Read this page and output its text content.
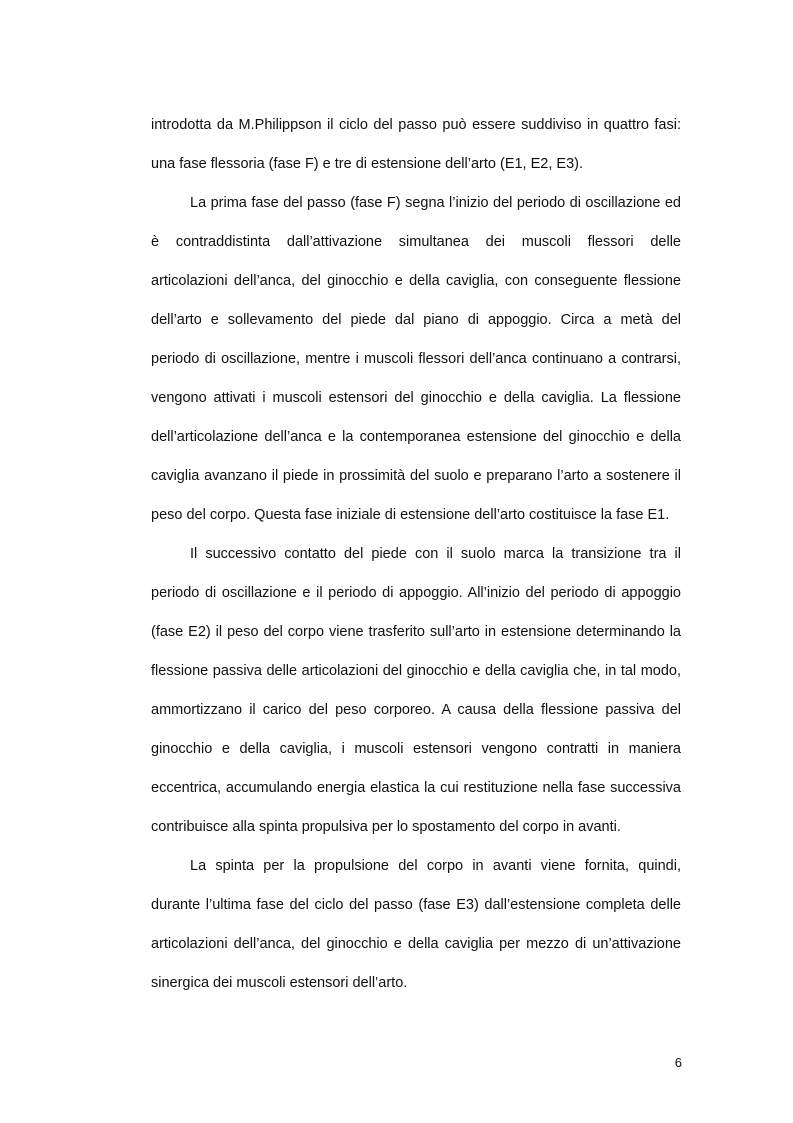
introdotta da M.Philippson il ciclo del passo può essere suddiviso in quattro fasi:
una fase flessoria (fase F) e tre di estensione dell’arto (E1, E2, E3).
La prima fase del passo (fase F) segna l’inizio del periodo di oscillazione ed
è contraddistinta dall’attivazione simultanea dei muscoli flessori delle
articolazioni dell’anca, del ginocchio e della caviglia, con conseguente flessione
dell’arto e sollevamento del piede dal piano di appoggio. Circa a metà del
periodo di oscillazione, mentre i muscoli flessori dell’anca continuano a contrarsi,
vengono attivati i muscoli estensori del ginocchio e della caviglia. La flessione
dell’articolazione dell’anca e la contemporanea estensione del ginocchio e della
caviglia avanzano il piede in prossimità del suolo e preparano l’arto a sostenere il
peso del corpo. Questa fase iniziale di estensione dell’arto costituisce la fase E1.
Il successivo contatto del piede con il suolo marca la transizione tra il
periodo di oscillazione e il periodo di appoggio. All’inizio del periodo di appoggio
(fase E2) il peso del corpo viene trasferito sull’arto in estensione determinando la
flessione passiva delle articolazioni del ginocchio e della caviglia che, in tal modo,
ammortizzano il carico del peso corporeo. A causa della flessione passiva del
ginocchio e della caviglia, i muscoli estensori vengono contratti in maniera
eccentrica, accumulando energia elastica la cui restituzione nella fase successiva
contribuisce alla spinta propulsiva per lo spostamento del corpo in avanti.
La spinta per la propulsione del corpo in avanti viene fornita, quindi,
durante l’ultima fase del ciclo del passo (fase E3) dall’estensione completa delle
articolazioni dell’anca, del ginocchio e della caviglia per mezzo di un’attivazione
sinergica dei muscoli estensori dell’arto.
6
